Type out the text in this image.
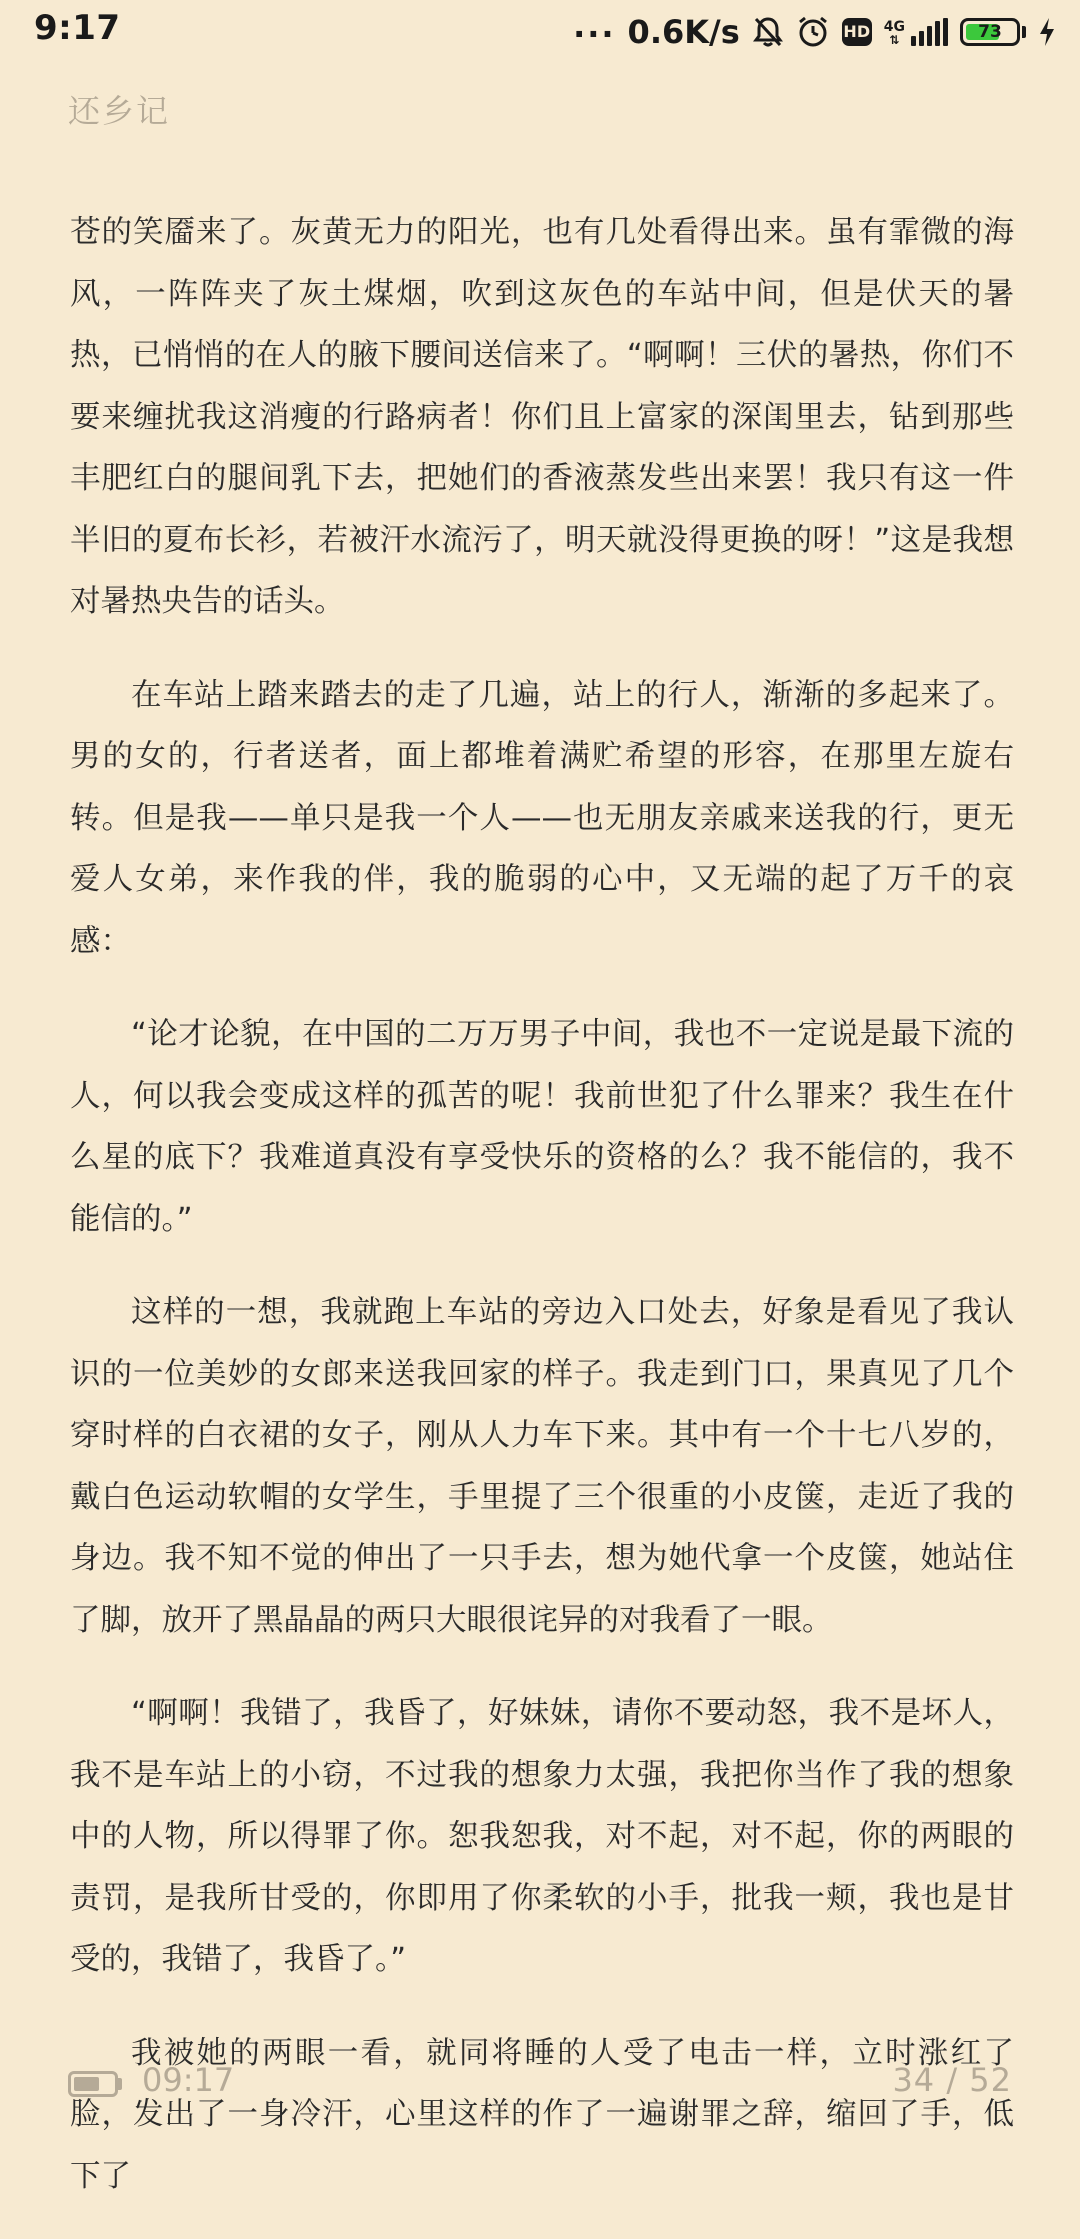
9:17	... 0.6K/s	HD 4G
⇅	73
还乡记

苍的笑靥来了。灰黄无力的阳光，也有几处看得出来。虽有霏微的海风，一阵阵夹了灰土煤烟，吹到这灰色的车站中间，但是伏天的暑热，已悄悄的在人的腋下腰间送信来了。“啊啊！三伏的暑热，你们不要来缠扰我这消瘦的行路病者！你们且上富家的深闺里去，钻到那些丰肥红白的腿间乳下去，把她们的香液蒸发些出来罢！我只有这一件半旧的夏布长衫，若被汗水流污了，明天就没得更换的呀！”这是我想对暑热央告的话头。

在车站上踏来踏去的走了几遍，站上的行人，渐渐的多起来了。男的女的，行者送者，面上都堆着满贮希望的形容，在那里左旋右转。但是我——单只是我一个人——也无朋友亲戚来送我的行，更无爱人女弟，来作我的伴，我的脆弱的心中，又无端的起了万千的哀感：

“论才论貌，在中国的二万万男子中间，我也不一定说是最下流的人，何以我会变成这样的孤苦的呢！我前世犯了什么罪来？我生在什么星的底下？我难道真没有享受快乐的资格的么？我不能信的，我不能信的。”

这样的一想，我就跑上车站的旁边入口处去，好象是看见了我认识的一位美妙的女郎来送我回家的样子。我走到门口，果真见了几个穿时样的白衣裙的女子，刚从人力车下来。其中有一个十七八岁的，戴白色运动软帽的女学生，手里提了三个很重的小皮箧，走近了我的身边。我不知不觉的伸出了一只手去，想为她代拿一个皮箧，她站住了脚，放开了黑晶晶的两只大眼很诧异的对我看了一眼。

“啊啊！我错了，我昏了，好妹妹，请你不要动怒，我不是坏人，我不是车站上的小窃，不过我的想象力太强，我把你当作了我的想象中的人物，所以得罪了你。恕我恕我，对不起，对不起，你的两眼的责罚，是我所甘受的，你即用了你柔软的小手，批我一颊，我也是甘受的，我错了，我昏了。”

我被她的两眼一看，就同将睡的人受了电击一样，立时涨红了脸，发出了一身冷汗，心里这样的作了一遍谢罪之辞，缩回了手，低下了

09:17	34 / 52
